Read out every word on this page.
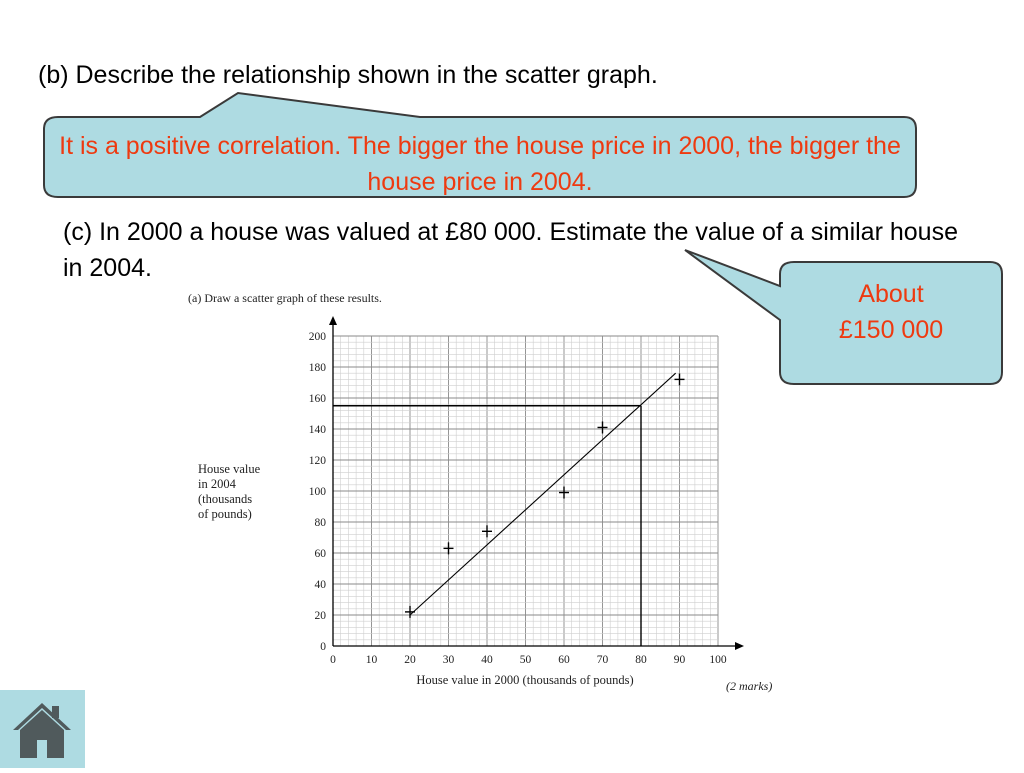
(b) Describe the relationship shown in the scatter graph.
It is a positive correlation. The bigger the house price in 2000, the bigger the house price in 2004.
(c) In 2000 a house was valued at £80 000. Estimate the value of a similar house in 2004.
About
£150 000
(a) Draw a scatter graph of these results.
0	10 20 30 40 50 60 70 80 90 100
0
20
40
60
80
100
120
140
160
180
200
House value in 2000 (thousands of pounds)
House value
in 2004
(thousands
of pounds)
(2 marks)
